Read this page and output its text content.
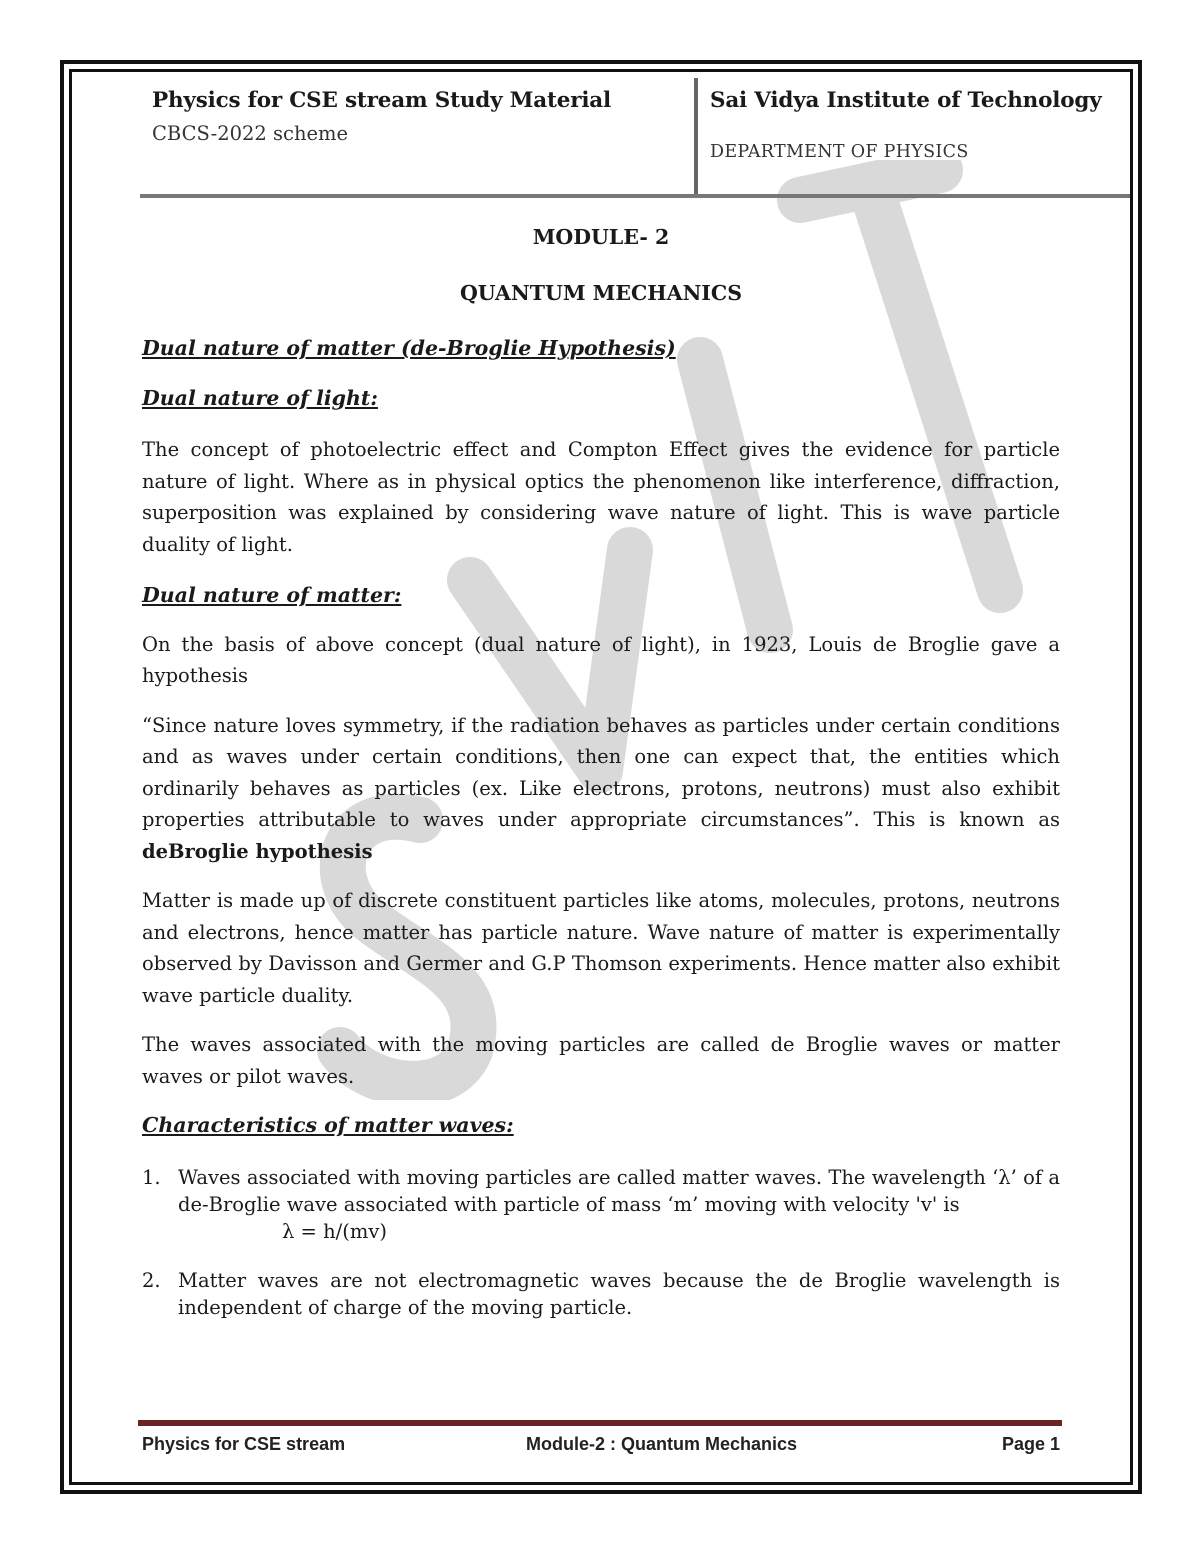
Physics for CSE stream Study Material
CBCS-2022 scheme
Sai Vidya Institute of Technology
DEPARTMENT OF PHYSICS

MODULE- 2

QUANTUM MECHANICS

Dual nature of matter (de-Broglie Hypothesis)

Dual nature of light:

The concept of photoelectric effect and Compton Effect gives the evidence for particle nature of light. Where as in physical optics the phenomenon like interference, diffraction, superposition was explained by considering wave nature of light. This is wave particle duality of light.

Dual nature of matter:

On the basis of above concept (dual nature of light), in 1923, Louis de Broglie gave a hypothesis

“Since nature loves symmetry, if the radiation behaves as particles under certain conditions and as waves under certain conditions, then one can expect that, the entities which ordinarily behaves as particles (ex. Like electrons, protons, neutrons) must also exhibit properties attributable to waves under appropriate circumstances”. This is known as deBroglie hypothesis

Matter is made up of discrete constituent particles like atoms, molecules, protons, neutrons and electrons, hence matter has particle nature. Wave nature of matter is experimentally observed by Davisson and Germer and G.P Thomson experiments. Hence matter also exhibit wave particle duality.

The waves associated with the moving particles are called de Broglie waves or matter waves or pilot waves.

Characteristics of matter waves:

1. Waves associated with moving particles are called matter waves. The wavelength ‘λ’ of a de-Broglie wave associated with particle of mass ‘m’ moving with velocity 'v' is
λ = h/(mv)
2. Matter waves are not electromagnetic waves because the de Broglie wavelength is independent of charge of the moving particle.
Physics for CSE stream	Module-2 : Quantum Mechanics	Page 1
